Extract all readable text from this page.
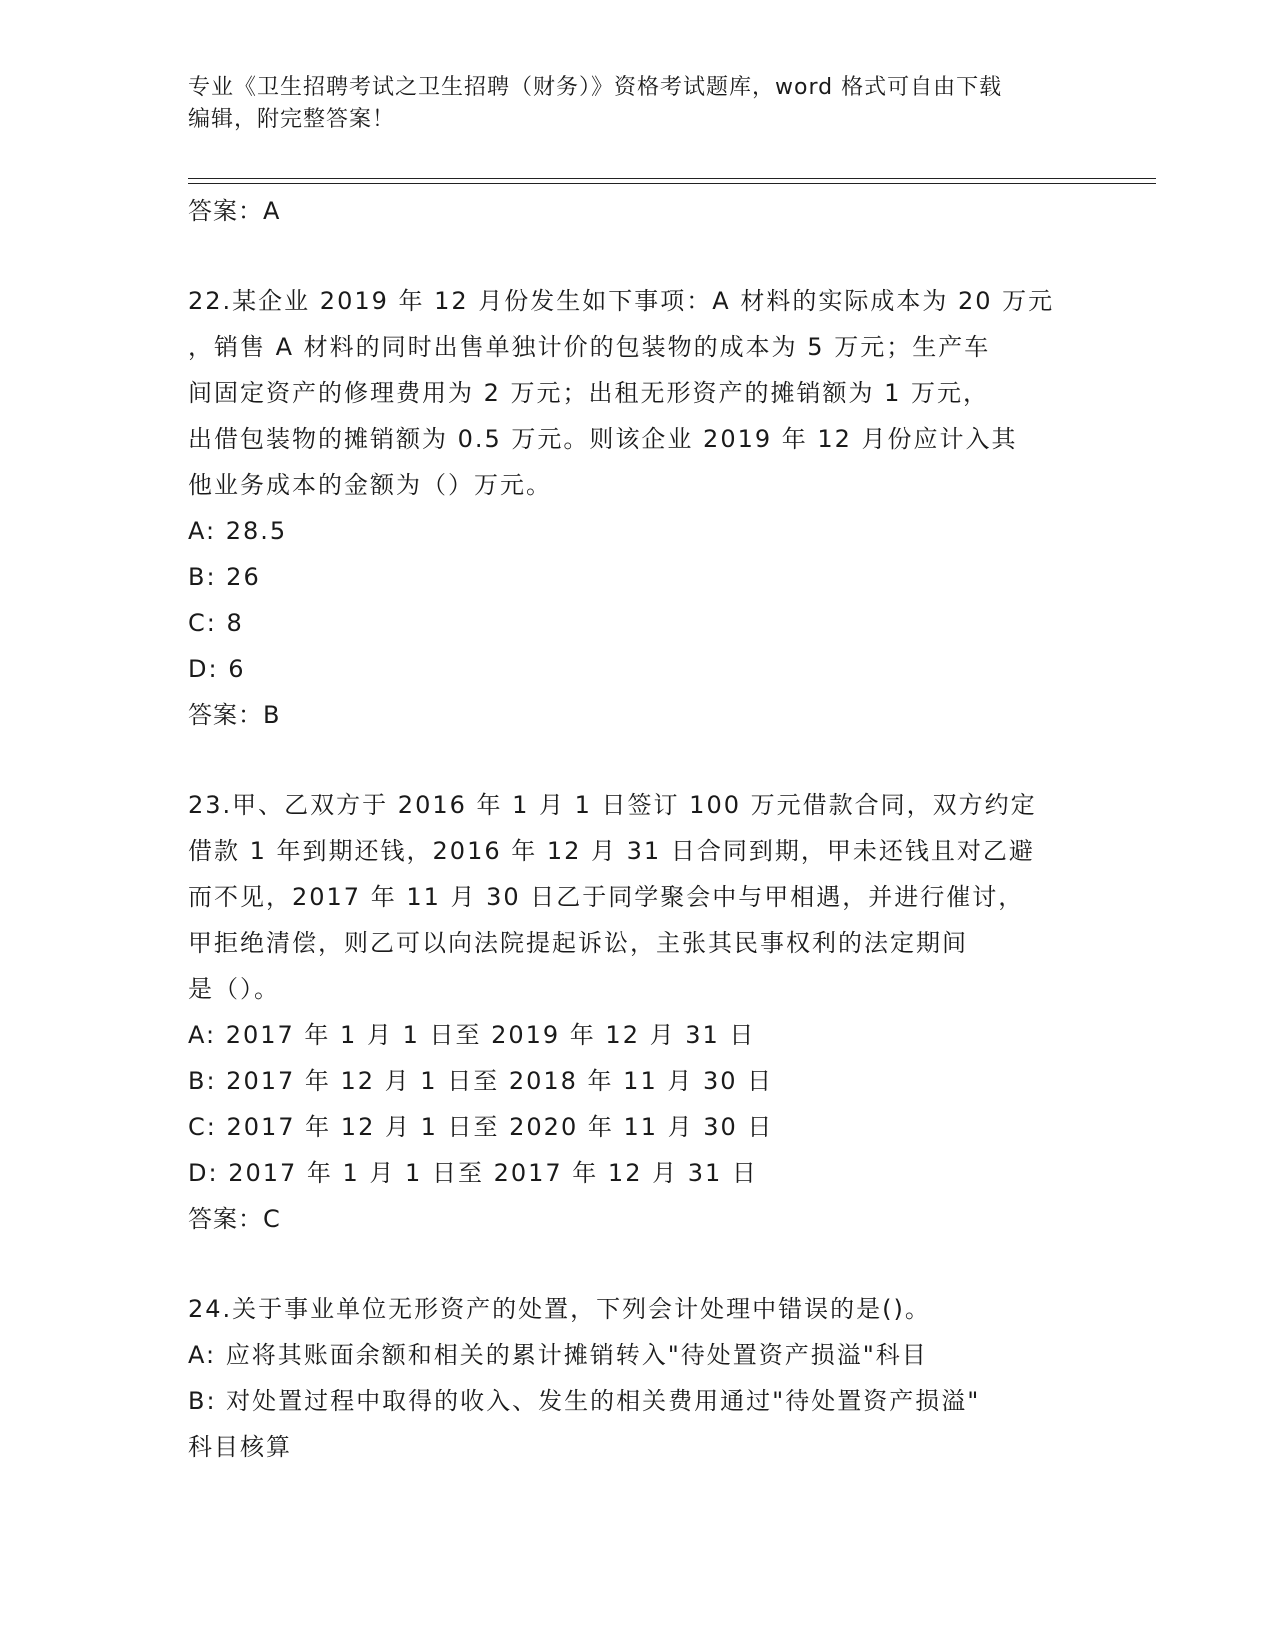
专业《卫生招聘考试之卫生招聘（财务）》资格考试题库，word 格式可自由下载
编辑，附完整答案！
答案：A
22.某企业 2019 年 12 月份发生如下事项：A 材料的实际成本为 20 万元
，销售 A 材料的同时出售单独计价的包装物的成本为 5 万元；生产车
间固定资产的修理费用为 2 万元；出租无形资产的摊销额为 1 万元，
出借包装物的摊销额为 0.5 万元。则该企业 2019 年 12 月份应计入其
他业务成本的金额为（）万元。
A: 28.5
B: 26
C: 8
D: 6
答案：B
23.甲、乙双方于 2016 年 1 月 1 日签订 100 万元借款合同，双方约定
借款 1 年到期还钱，2016 年 12 月 31 日合同到期，甲未还钱且对乙避
而不见，2017 年 11 月 30 日乙于同学聚会中与甲相遇，并进行催讨，
甲拒绝清偿，则乙可以向法院提起诉讼，主张其民事权利的法定期间
是（）。
A: 2017 年 1 月 1 日至 2019 年 12 月 31 日
B: 2017 年 12 月 1 日至 2018 年 11 月 30 日
C: 2017 年 12 月 1 日至 2020 年 11 月 30 日
D: 2017 年 1 月 1 日至 2017 年 12 月 31 日
答案：C
24.关于事业单位无形资产的处置，下列会计处理中错误的是()。
A: 应将其账面余额和相关的累计摊销转入"待处置资产损溢"科目
B: 对处置过程中取得的收入、发生的相关费用通过"待处置资产损溢"
科目核算
